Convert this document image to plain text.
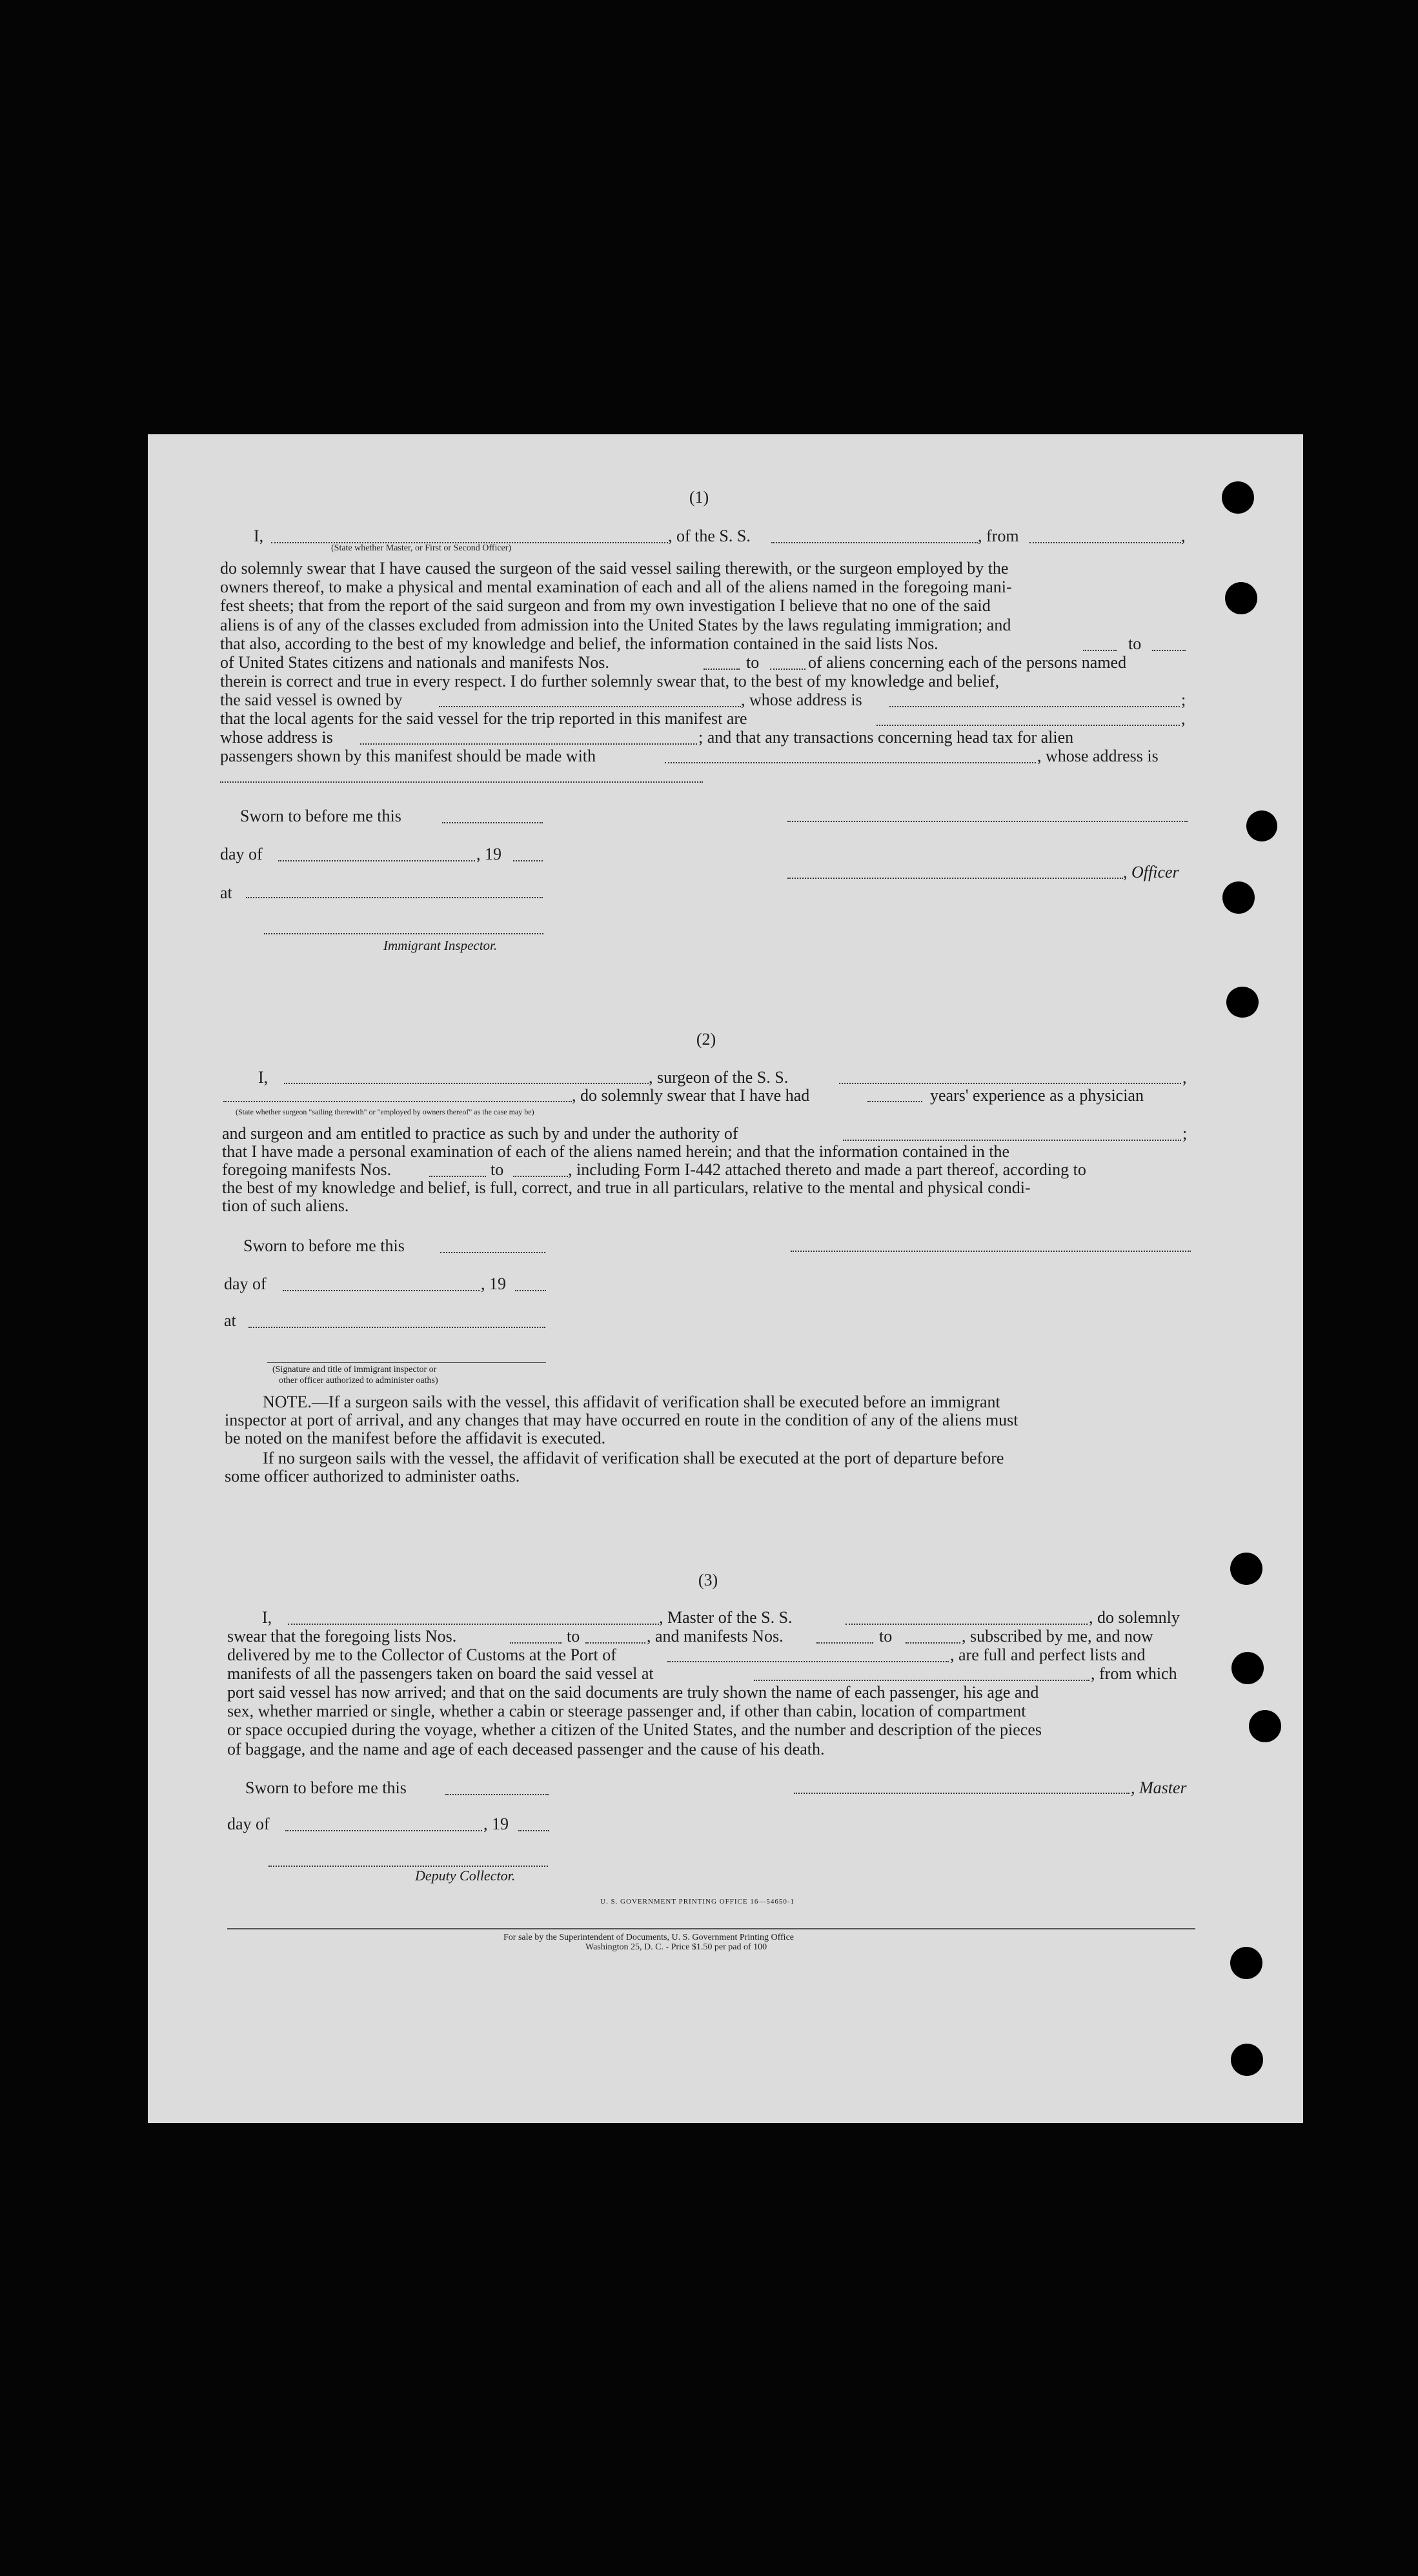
(1)
I,	, of the S. S.	, from	,
(State whether Master, or First or Second Officer)
do solemnly swear that I have caused the surgeon of the said vessel sailing therewith, or the surgeon employed by the
owners thereof, to make a physical and mental examination of each and all of the aliens named in the foregoing mani-
fest sheets; that from the report of the said surgeon and from my own investigation I believe that no one of the said
aliens is of any of the classes excluded from admission into the United States by the laws regulating immigration; and
that also, according to the best of my knowledge and belief, the information contained in the said lists Nos.	to
of United States citizens and nationals and manifests Nos.	to	of aliens concerning each of the persons named
therein is correct and true in every respect. I do further solemnly swear that, to the best of my knowledge and belief,
the said vessel is owned by	, whose address is	;
that the local agents for the said vessel for the trip reported in this manifest are	,
whose address is	; and that any transactions concerning head tax for alien
passengers shown by this manifest should be made with	, whose address is
Sworn to before me this
day of	, 19
, Officer
at
Immigrant Inspector.
(2)
I,	, surgeon of the S. S.	,
, do solemnly swear that I have had	years' experience as a physician
(State whether surgeon "sailing therewith" or "employed by owners thereof" as the case may be)
and surgeon and am entitled to practice as such by and under the authority of	;
that I have made a personal examination of each of the aliens named herein; and that the information contained in the
foregoing manifests Nos.	to	, including Form I-442 attached thereto and made a part thereof, according to
the best of my knowledge and belief, is full, correct, and true in all particulars, relative to the mental and physical condi-
tion of such aliens.
Sworn to before me this
day of	, 19
at
(Signature and title of immigrant inspector or
other officer authorized to administer oaths)
NOTE.—If a surgeon sails with the vessel, this affidavit of verification shall be executed before an immigrant
inspector at port of arrival, and any changes that may have occurred en route in the condition of any of the aliens must
be noted on the manifest before the affidavit is executed.
If no surgeon sails with the vessel, the affidavit of verification shall be executed at the port of departure before
some officer authorized to administer oaths.
(3)
I,	, Master of the S. S.	, do solemnly
swear that the foregoing lists Nos.	to	, and manifests Nos.	to	, subscribed by me, and now
delivered by me to the Collector of Customs at the Port of	, are full and perfect lists and
manifests of all the passengers taken on board the said vessel at	, from which
port said vessel has now arrived; and that on the said documents are truly shown the name of each passenger, his age and
sex, whether married or single, whether a cabin or steerage passenger and, if other than cabin, location of compartment
or space occupied during the voyage, whether a citizen of the United States, and the number and description of the pieces
of baggage, and the name and age of each deceased passenger and the cause of his death.
Sworn to before me this	, Master
day of	, 19
Deputy Collector.
U. S. GOVERNMENT PRINTING OFFICE 16—54650-1
For sale by the Superintendent of Documents, U. S. Government Printing Office
Washington 25, D. C. - Price $1.50 per pad of 100
